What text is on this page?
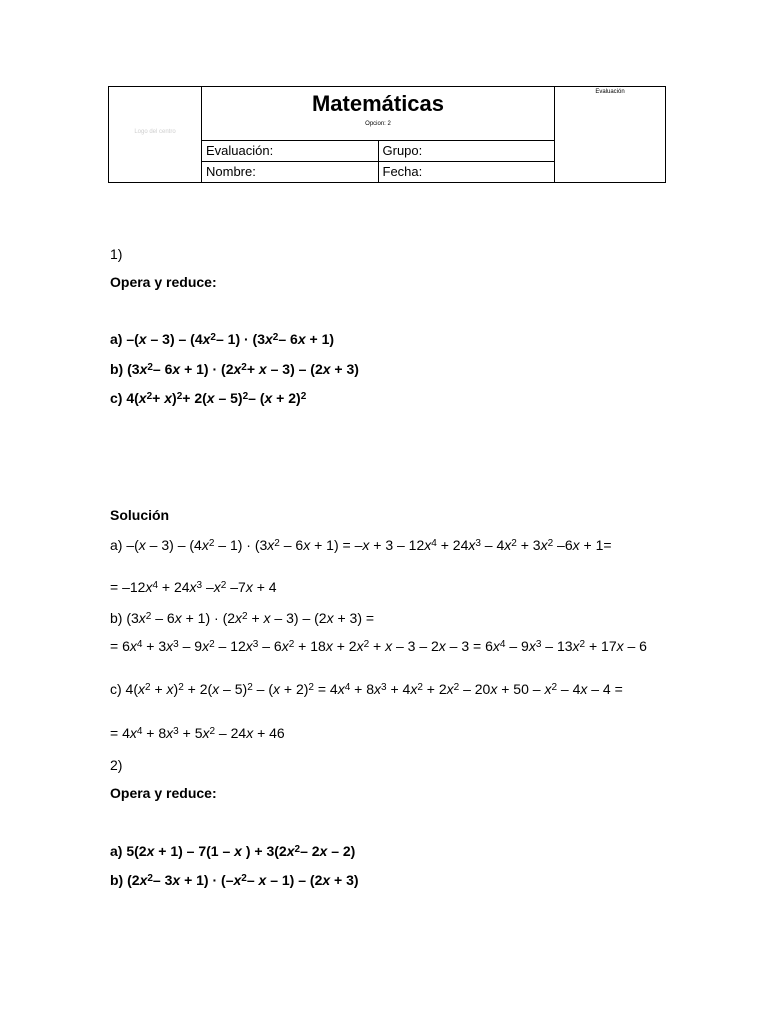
Logo del centro	Matemáticas
Opcion: 2		Evaluación

	Evaluación:	Grupo:	
	Nombre:	Fecha:	

1)

Opera y reduce:

a) $-(x - 3) - (4x^2-$ $1) \cdot (3x^2-$ 6x + 1)

b) ($3x^2-$ $6x + 1) \cdot (2x^2+ x - 3) - (2x + 3)$

c) $4(x^2+ x)^2+ 2(x - 5)^2-$ $(x + 2)^2$

Solución

a) $-(x - 3) - (4x^2 - 1) \cdot (3x^2 - 6x + 1) = -x + 3 - 12x^4 + 24x^3 - 4x^2 + 3x^2$ –6x + 1=

= $-12x^4 + 24x^3$ $-x^2$ –7x + 4

b) $(3x^2 - 6x + 1) \cdot (2x^2 + x - 3) - (2x + 3)$ =

= $6x^4 + 3x^3 - 9x^2 - 12x^3 - 6x^2 + 18x + 2x^2 + x - 3 - 2x - 3 = 6x^4 - 9x^3 - 13x^2 + 17x - 6$

c) $4(x^2 + x)^2 + 2(x - 5)^2 - (x + 2)^2 = 4x^4 + 8x^3 + 4x^2 + 2x^2 - 20x + 50 - x^2 - 4x - 4$ =

= $4x^4 + 8x^3 + 5x^2 - 24x + 46$

2)

Opera y reduce:

a) 5(2x + 1) – 7(1 – x ) + $3(2x^2-$ 2x – 2)

b) ($2x^2-$ $3x + 1) \cdot (-x^2-$ x – 1) – (2x + 3)
